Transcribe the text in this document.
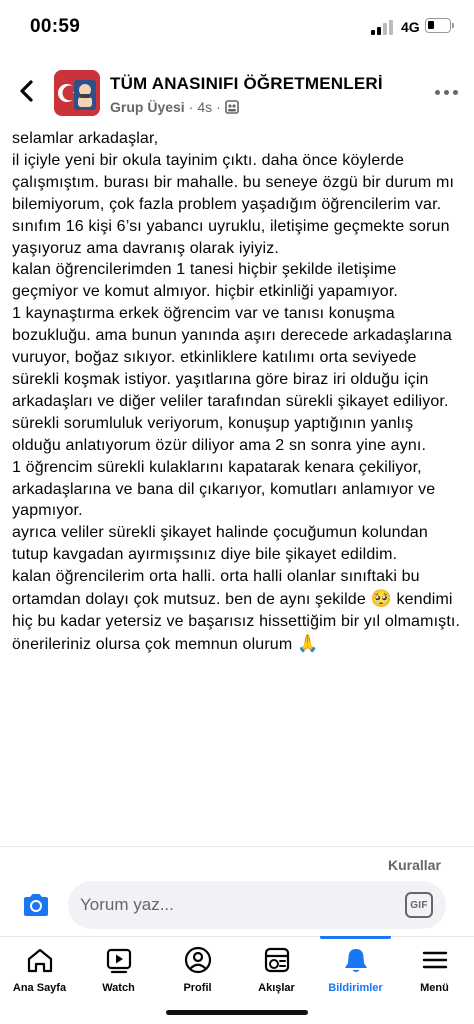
00:59	4G
TÜM ANASINIFI ÖĞRETMENLERİ
Grup Üyesi · 4s ·

selamlar arkadaşlar,
il içiyle yeni bir okula tayinim çıktı. daha önce köylerde çalışmıştım. burası bir mahalle. bu seneye özgü bir durum mı bilemiyorum, çok fazla problem yaşadığım öğrencilerim var. sınıfım 16 kişi 6’sı yabancı uyruklu, iletişime geçmekte sorun yaşıyoruz ama davranış olarak iyiyiz.
kalan öğrencilerimden 1 tanesi hiçbir şekilde iletişime geçmiyor ve komut almıyor. hiçbir etkinliği yapamıyor.
1 kaynaştırma erkek öğrencim var ve tanısı konuşma bozukluğu. ama bunun yanında aşırı derecede arkadaşlarına vuruyor, boğaz sıkıyor. etkinliklere katılımı orta seviyede sürekli koşmak istiyor. yaşıtlarına göre biraz iri olduğu için arkadaşları ve diğer veliler tarafından sürekli şikayet ediliyor. sürekli sorumluluk veriyorum, konuşup yaptığının yanlış olduğu anlatıyorum özür diliyor ama 2 sn sonra yine aynı.
1 öğrencim sürekli kulaklarını kapatarak kenara çekiliyor, arkadaşlarına ve bana dil çıkarıyor, komutları anlamıyor ve yapmıyor.
ayrıca veliler sürekli şikayet halinde çocuğumun kolundan tutup kavgadan ayırmışsınız diye bile şikayet edildim.
kalan öğrencilerim orta halli. orta halli olanlar sınıftaki bu ortamdan dolayı çok mutsuz. ben de aynı şekilde 🥺 kendimi hiç bu kadar yetersiz ve başarısız hissettiğim bir yıl olmamıştı.
önerileriniz olursa çok memnun olurum 🙏

Kurallar
Yorum yaz...
GIF
Ana Sayfa	Watch	Profil	Akışlar	Bildirimler	Menü
